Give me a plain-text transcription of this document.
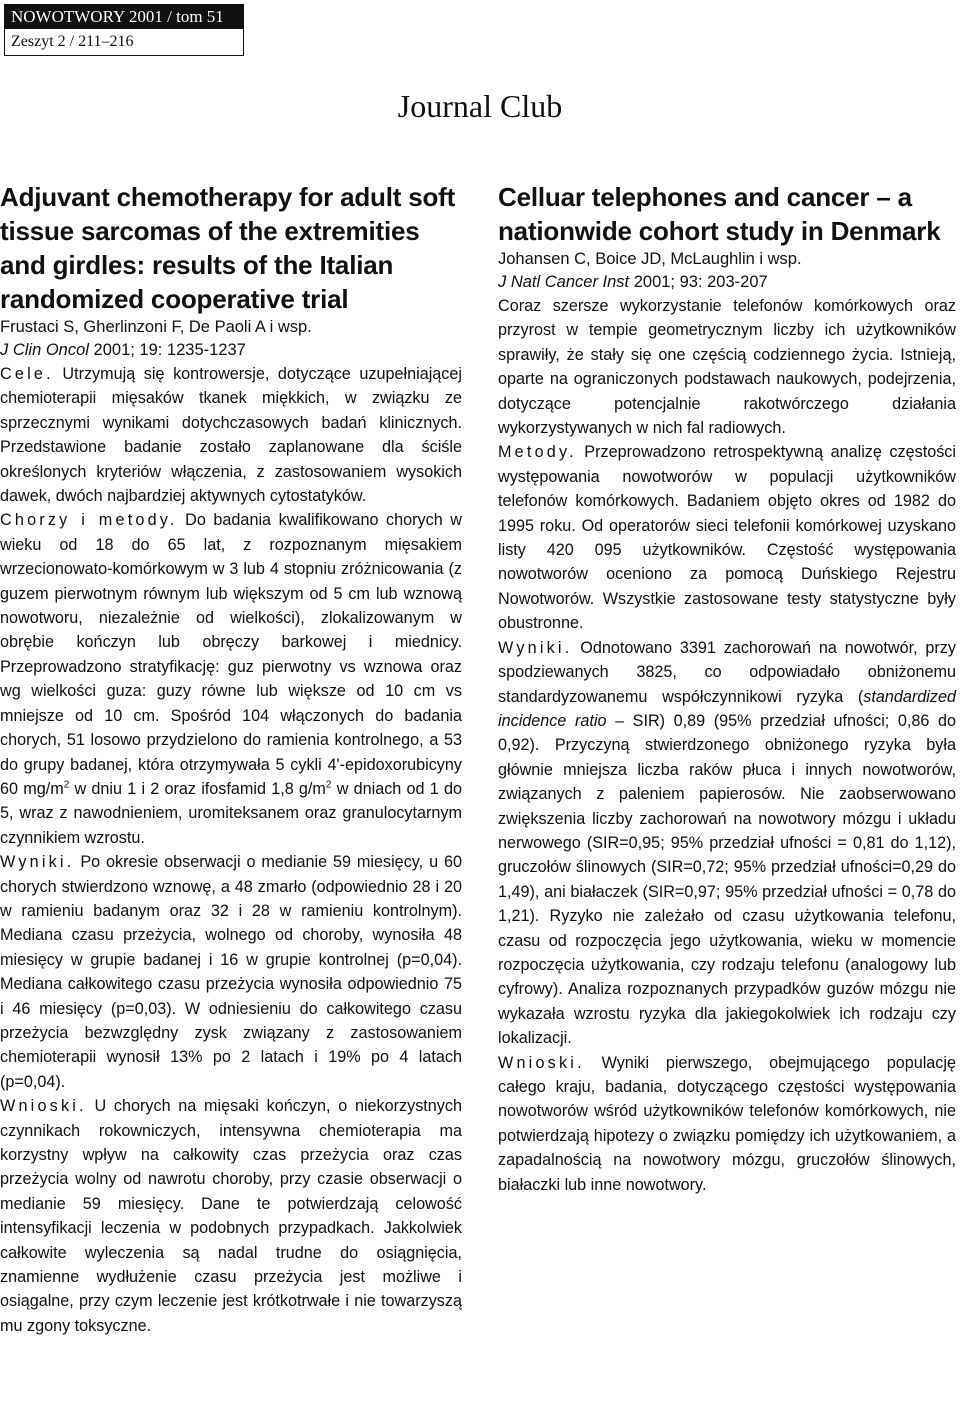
NOWOTWORY 2001 / tom 51
Zeszyt 2 / 211–216
Journal Club
Adjuvant chemotherapy for adult soft tissue sarcomas of the extremities and girdles: results of the Italian randomized cooperative trial
Frustaci S, Gherlinzoni F, De Paoli A i wsp.
J Clin Oncol 2001; 19: 1235-1237

Cele. Utrzymują się kontrowersje, dotyczące uzupełniającej chemioterapii mięsaków tkanek miękkich, w związku ze sprzecznymi wynikami dotychczasowych badań klinicznych. Przedstawione badanie zostało zaplanowane dla ściśle określonych kryteriów włączenia, z zastosowaniem wysokich dawek, dwóch najbardziej aktywnych cytostatyków.

Chorzy i metody. Do badania kwalifikowano chorych w wieku od 18 do 65 lat, z rozpoznanym mięsakiem wrzecionowato-komórkowym w 3 lub 4 stopniu zróżnicowania (z guzem pierwotnym równym lub większym od 5 cm lub wznową nowotworu, niezależnie od wielkości), zlokalizowanym w obrębie kończyn lub obręczy barkowej i miednicy. Przeprowadzono stratyfikację: guz pierwotny vs wznowa oraz wg wielkości guza: guzy równe lub większe od 10 cm vs mniejsze od 10 cm. Spośród 104 włączonych do badania chorych, 51 losowo przydzielono do ramienia kontrolnego, a 53 do grupy badanej, która otrzymywała 5 cykli 4'-epidoxorubicyny 60 $mg/m^2$ w dniu 1 i 2 oraz ifosfamid 1,8 $g/m^2$ w dniach od 1 do 5, wraz z nawodnieniem, uromiteksanem oraz granulocytarnym czynnikiem wzrostu.

Wyniki. Po okresie obserwacji o medianie 59 miesięcy, u 60 chorych stwierdzono wznowę, a 48 zmarło (odpowiednio 28 i 20 w ramieniu badanym oraz 32 i 28 w ramieniu kontrolnym). Mediana czasu przeżycia, wolnego od choroby, wynosiła 48 miesięcy w grupie badanej i 16 w grupie kontrolnej (p=0,04). Mediana całkowitego czasu przeżycia wynosiła odpowiednio 75 i 46 miesięcy (p=0,03). W odniesieniu do całkowitego czasu przeżycia bezwzględny zysk związany z zastosowaniem chemioterapii wynosił 13% po 2 latach i 19% po 4 latach (p=0,04).

Wnioski. U chorych na mięsaki kończyn, o niekorzystnych czynnikach rokowniczych, intensywna chemioterapia ma korzystny wpływ na całkowity czas przeżycia oraz czas przeżycia wolny od nawrotu choroby, przy czasie obserwacji o medianie 59 miesięcy. Dane te potwierdzają celowość intensyfikacji leczenia w podobnych przypadkach. Jakkolwiek całkowite wyleczenia są nadal trudne do osiągnięcia, znamienne wydłużenie czasu przeżycia jest możliwe i osiągalne, przy czym leczenie jest krótkotrwałe i nie towarzyszą mu zgony toksyczne.

Celluar telephones and cancer – a nationwide cohort study in Denmark
Johansen C, Boice JD, McLaughlin i wsp.
J Natl Cancer Inst 2001; 93: 203-207

Coraz szersze wykorzystanie telefonów komórkowych oraz przyrost w tempie geometrycznym liczby ich użytkowników sprawiły, że stały się one częścią codziennego życia. Istnieją, oparte na ograniczonych podstawach naukowych, podejrzenia, dotyczące potencjalnie rakotwórczego działania wykorzystywanych w nich fal radiowych.

Metody. Przeprowadzono retrospektywną analizę częstości występowania nowotworów w populacji użytkowników telefonów komórkowych. Badaniem objęto okres od 1982 do 1995 roku. Od operatorów sieci telefonii komórkowej uzyskano listy 420 095 użytkowników. Częstość występowania nowotworów oceniono za pomocą Duńskiego Rejestru Nowotworów. Wszystkie zastosowane testy statystyczne były obustronne.

Wyniki. Odnotowano 3391 zachorowań na nowotwór, przy spodziewanych 3825, co odpowiadało obniżonemu standardyzowanemu współczynnikowi ryzyka (standardized incidence ratio – SIR) 0,89 (95% przedział ufności; 0,86 do 0,92). Przyczyną stwierdzonego obniżonego ryzyka była głównie mniejsza liczba raków płuca i innych nowotworów, związanych z paleniem papierosów. Nie zaobserwowano zwiększenia liczby zachorowań na nowotwory mózgu i układu nerwowego (SIR=0,95; 95% przedział ufności = 0,81 do 1,12), gruczołów ślinowych (SIR=0,72; 95% przedział ufności=0,29 do 1,49), ani białaczek (SIR=0,97; 95% przedział ufności = 0,78 do 1,21). Ryzyko nie zależało od czasu użytkowania telefonu, czasu od rozpoczęcia jego użytkowania, wieku w momencie rozpoczęcia użytkowania, czy rodzaju telefonu (analogowy lub cyfrowy). Analiza rozpoznanych przypadków guzów mózgu nie wykazała wzrostu ryzyka dla jakiegokolwiek ich rodzaju czy lokalizacji.

Wnioski. Wyniki pierwszego, obejmującego populację całego kraju, badania, dotyczącego częstości występowania nowotworów wśród użytkowników telefonów komórkowych, nie potwierdzają hipotezy o związku pomiędzy ich użytkowaniem, a zapadalnością na nowotwory mózgu, gruczołów ślinowych, białaczki lub inne nowotwory.
